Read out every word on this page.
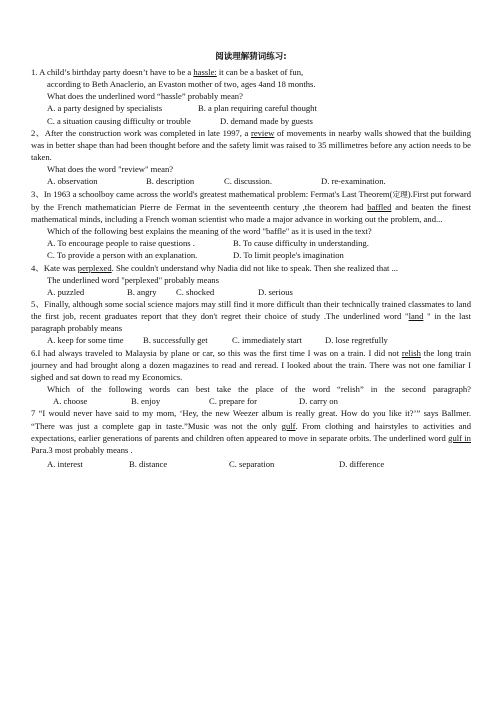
阅读理解猜词练习:

1. A child’s birthday party doesn’t have to be a hassle: it can be a basket of fun,

according to Beth Anaclerio, an Evaston mother of two, ages 4and 18 months.

What does the underlined word “hassle” probably mean?

A. a party designed by specialists	B. a plan requiring careful thought

C. a situation causing difficulty or trouble	D. demand made by guests

2、After the construction work was completed in late 1997, a review of movements in nearby walls showed that the building was in better shape than had been thought before and the safety limit was raised to 35 millimetres before any action needs to be taken.

What does the word "review" mean?

A. observation	B. description	C. discussion.	D. re-examination.

3、In 1963 a schoolboy came across the world's greatest mathematical problem: Fermat's Last Theorem(定理).First put forward by the French mathematician Pierre de Fermat in the seventeenth century ,the theorem had baffled and beaten the finest mathematical minds, including a French woman scientist who made a major advance in working out the problem, and...

Which of the following best explains the meaning of the word "baffle" as it is used in the text?

A. To encourage people to raise questions .	B. To cause difficulty in understanding.

C. To provide a person with an explanation.	D. To limit people's imagination

4、Kate was perplexed. She couldn't understand why Nadia did not like to speak. Then she realized that ...

The underlined word "perplexed" probably means

A. puzzled	B. angry C. shocked	D. serious

5、Finally, although some social science majors may still find it more difficult than their technically trained classmates to land the first job, recent graduates report that they don't regret their choice of study .The underlined word "land " in the last paragraph probably means

A. keep for some time B. successfully get	C. immediately start	D. lose regretfully

6.I had always traveled to Malaysia by plane or car, so this was the first time I was on a train. I did not relish the long train journey and had brought along a dozen magazines to read and reread. I looked about the train. There was not one familiar I sighed and sat down to read my Economics.

Which of the following words can best take the place of the word “relish” in the second paragraph? A. choose	B. enjoy	C. prepare for	D. carry on

7 “I would never have said to my mom, ‘Hey, the new Weezer album is really great. How do you like it?’” says Ballmer. “There was just a complete gap in taste.”Music was not the only gulf. From clothing and hairstyles to activities and expectations, earlier generations of parents and children often appeared to move in separate orbits. The underlined word gulf in Para.3 most probably means .

A. interest	B. distance	C. separation	D. difference
